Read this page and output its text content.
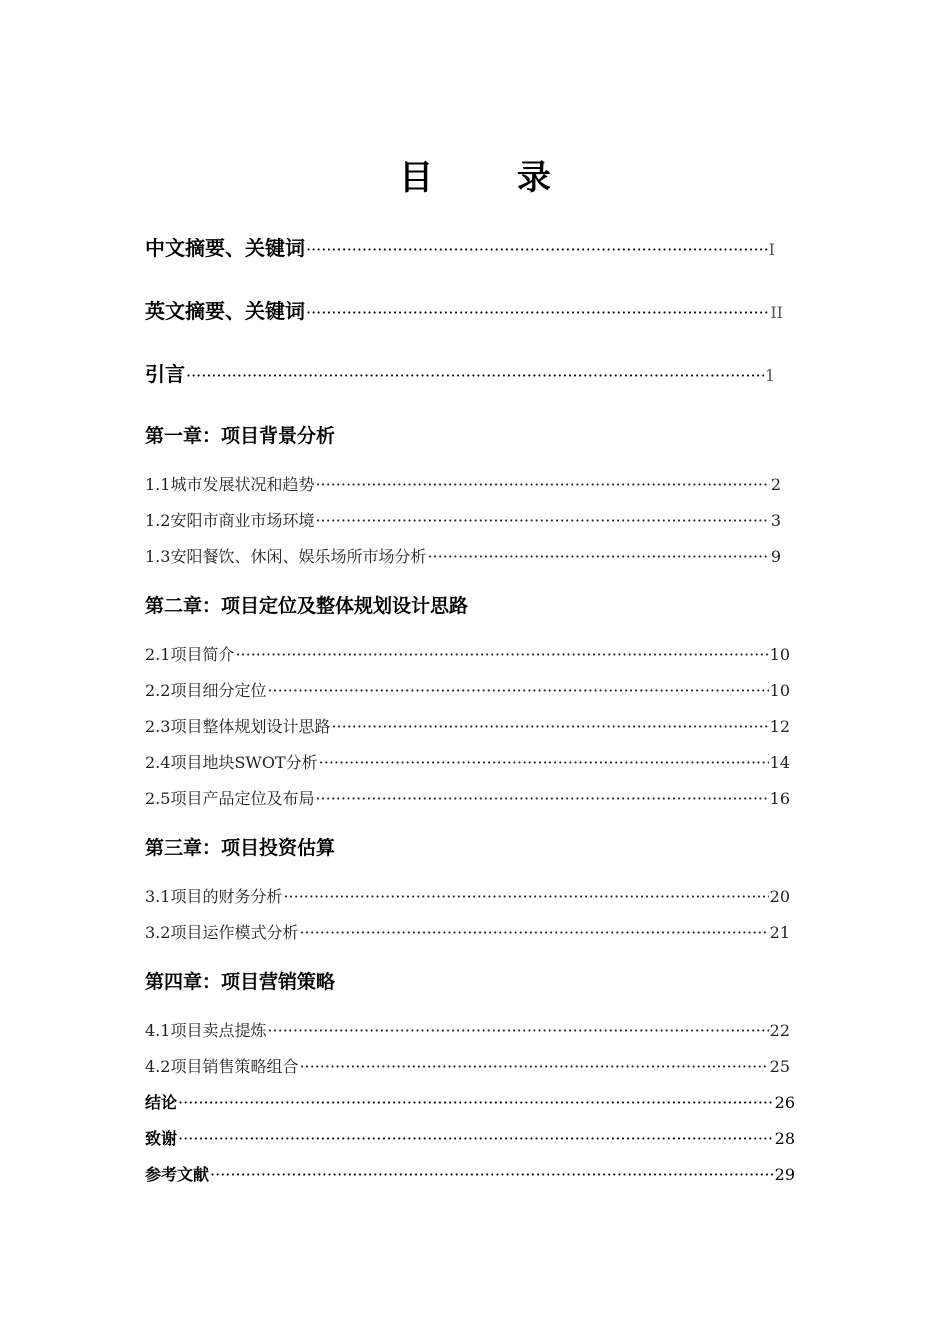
目 录
中文摘要、关键词 ·····	I
英文摘要、关键词 ·····	II
引言 ·····	1
第一章：项目背景分析
1.1城市发展状况和趋势 ·····	2
1.2安阳市商业市场环境 ·····	3
1.3安阳餐饮、休闲、娱乐场所市场分析 ·····	9
第二章：项目定位及整体规划设计思路
2.1项目简介 ·····	10
2.2项目细分定位 ·····	10
2.3项目整体规划设计思路 ·····	12
2.4项目地块SWOT分析 ·····	14
2.5项目产品定位及布局 ·····	16
第三章：项目投资估算
3.1项目的财务分析 ·····	20
3.2项目运作模式分析 ·····	21
第四章：项目营销策略
4.1项目卖点提炼 ·····	22
4.2项目销售策略组合 ·····	25
结论 ·····	26
致谢 ·····	28
参考文献 ·····	29
